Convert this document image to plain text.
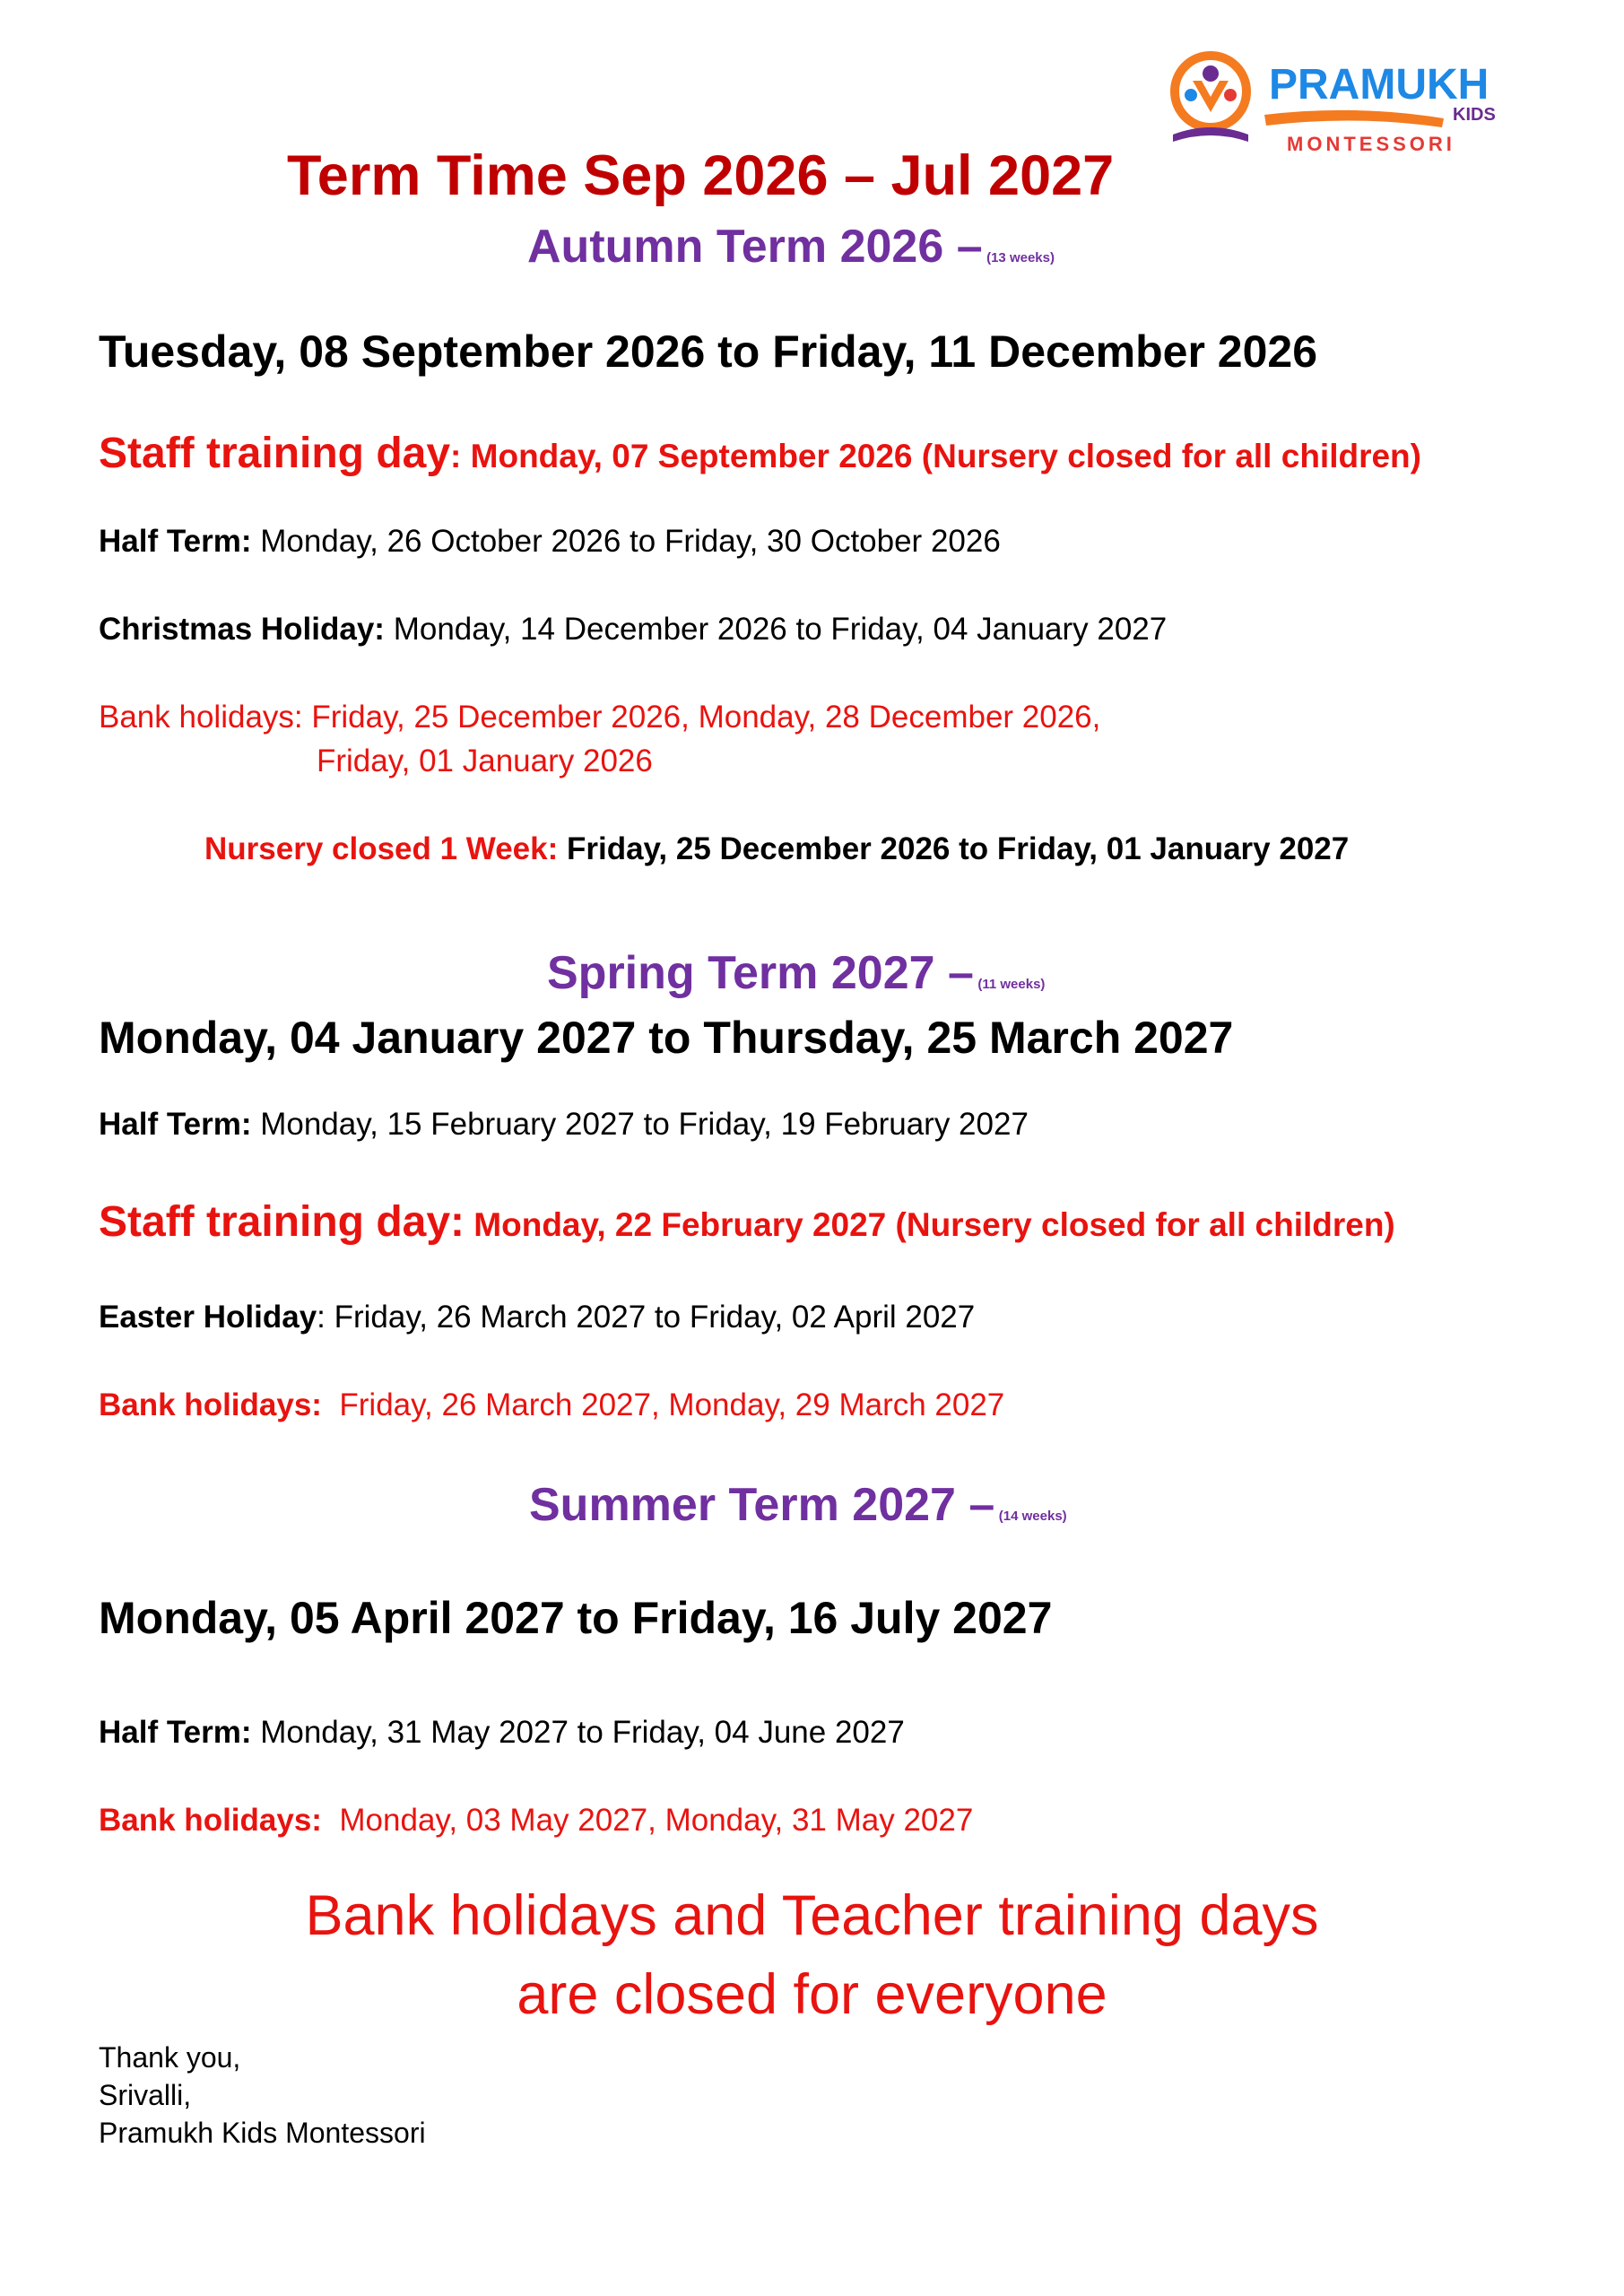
PRAMUKH
KIDS
MONTESSORI
Term Time Sep 2026 – Jul 2027
Autumn Term 2026 – (13 weeks)
Tuesday, 08 September 2026 to Friday, 11 December 2026
Staff training day: Monday, 07 September 2026 (Nursery closed for all children)
Half Term: Monday, 26 October 2026 to Friday, 30 October 2026
Christmas Holiday: Monday, 14 December 2026 to Friday, 04 January 2027
Bank holidays: Friday, 25 December 2026, Monday, 28 December 2026,
Friday, 01 January 2026
Nursery closed 1 Week: Friday, 25 December 2026 to Friday, 01 January 2027
Spring Term 2027 – (11 weeks)
Monday, 04 January 2027 to Thursday, 25 March 2027
Half Term: Monday, 15 February 2027 to Friday, 19 February 2027
Staff training day: Monday, 22 February 2027 (Nursery closed for all children)
Easter Holiday: Friday, 26 March 2027 to Friday, 02 April 2027
Bank holidays:  Friday, 26 March 2027, Monday, 29 March 2027
Summer Term 2027 – (14 weeks)
Monday, 05 April 2027 to Friday, 16 July 2027
Half Term: Monday, 31 May 2027 to Friday, 04 June 2027
Bank holidays:  Monday, 03 May 2027, Monday, 31 May 2027
Bank holidays and Teacher training days
are closed for everyone
Thank you,
Srivalli,
Pramukh Kids Montessori
